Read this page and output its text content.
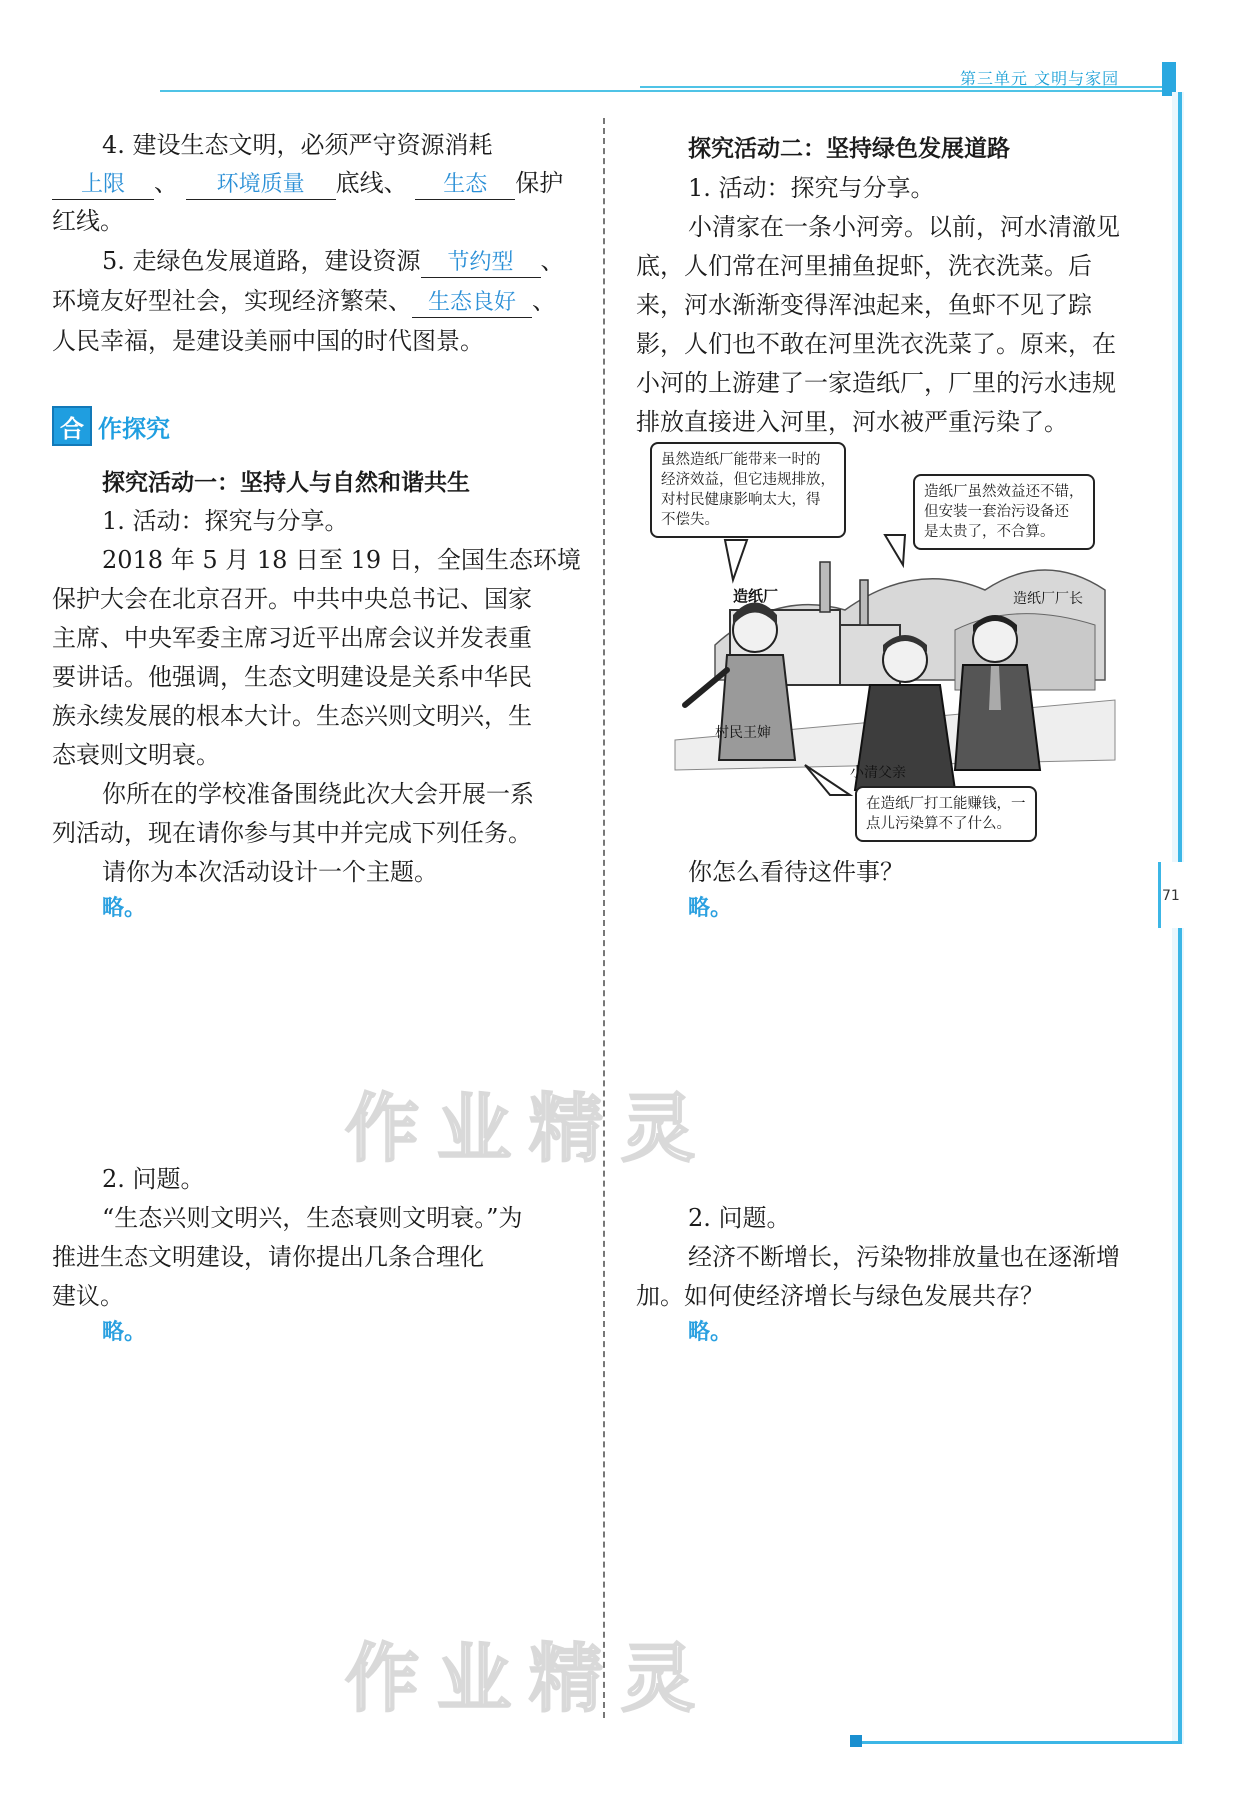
第三单元 文明与家园
71
作业精灵
作业精灵
4. 建设生态文明，必须严守资源消耗
上限 、 环境质量 底线、 生态 保护
红线。
5. 走绿色发展道路，建设资源 节约型 、
环境友好型社会，实现经济繁荣、 生态良好 、
人民幸福，是建设美丽中国的时代图景。
合 作探究
探究活动一：坚持人与自然和谐共生
1. 活动：探究与分享。
2018 年 5 月 18 日至 19 日，全国生态环境
保护大会在北京召开。中共中央总书记、国家
主席、中央军委主席习近平出席会议并发表重
要讲话。他强调，生态文明建设是关系中华民
族永续发展的根本大计。生态兴则文明兴，生
态衰则文明衰。
你所在的学校准备围绕此次大会开展一系
列活动，现在请你参与其中并完成下列任务。
请你为本次活动设计一个主题。
略。
2. 问题。
“生态兴则文明兴，生态衰则文明衰。”为
推进生态文明建设，请你提出几条合理化
建议。
略。
探究活动二：坚持绿色发展道路
1. 活动：探究与分享。
小清家在一条小河旁。以前，河水清澈见
底，人们常在河里捕鱼捉虾，洗衣洗菜。后
来，河水渐渐变得浑浊起来，鱼虾不见了踪
影，人们也不敢在河里洗衣洗菜了。原来，在
小河的上游建了一家造纸厂，厂里的污水违规
排放直接进入河里，河水被严重污染了。
造纸厂
虽然造纸厂能带来一时的
经济效益，但它违规排放，
对村民健康影响太大，得
不偿失。
造纸厂虽然效益还不错，
但安装一套治污设备还
是太贵了，不合算。
造纸厂厂长
村民王婶
小清父亲
在造纸厂打工能赚钱，一
点儿污染算不了什么。
你怎么看待这件事？
略。
2. 问题。
经济不断增长，污染物排放量也在逐渐增
加。如何使经济增长与绿色发展共存？
略。
